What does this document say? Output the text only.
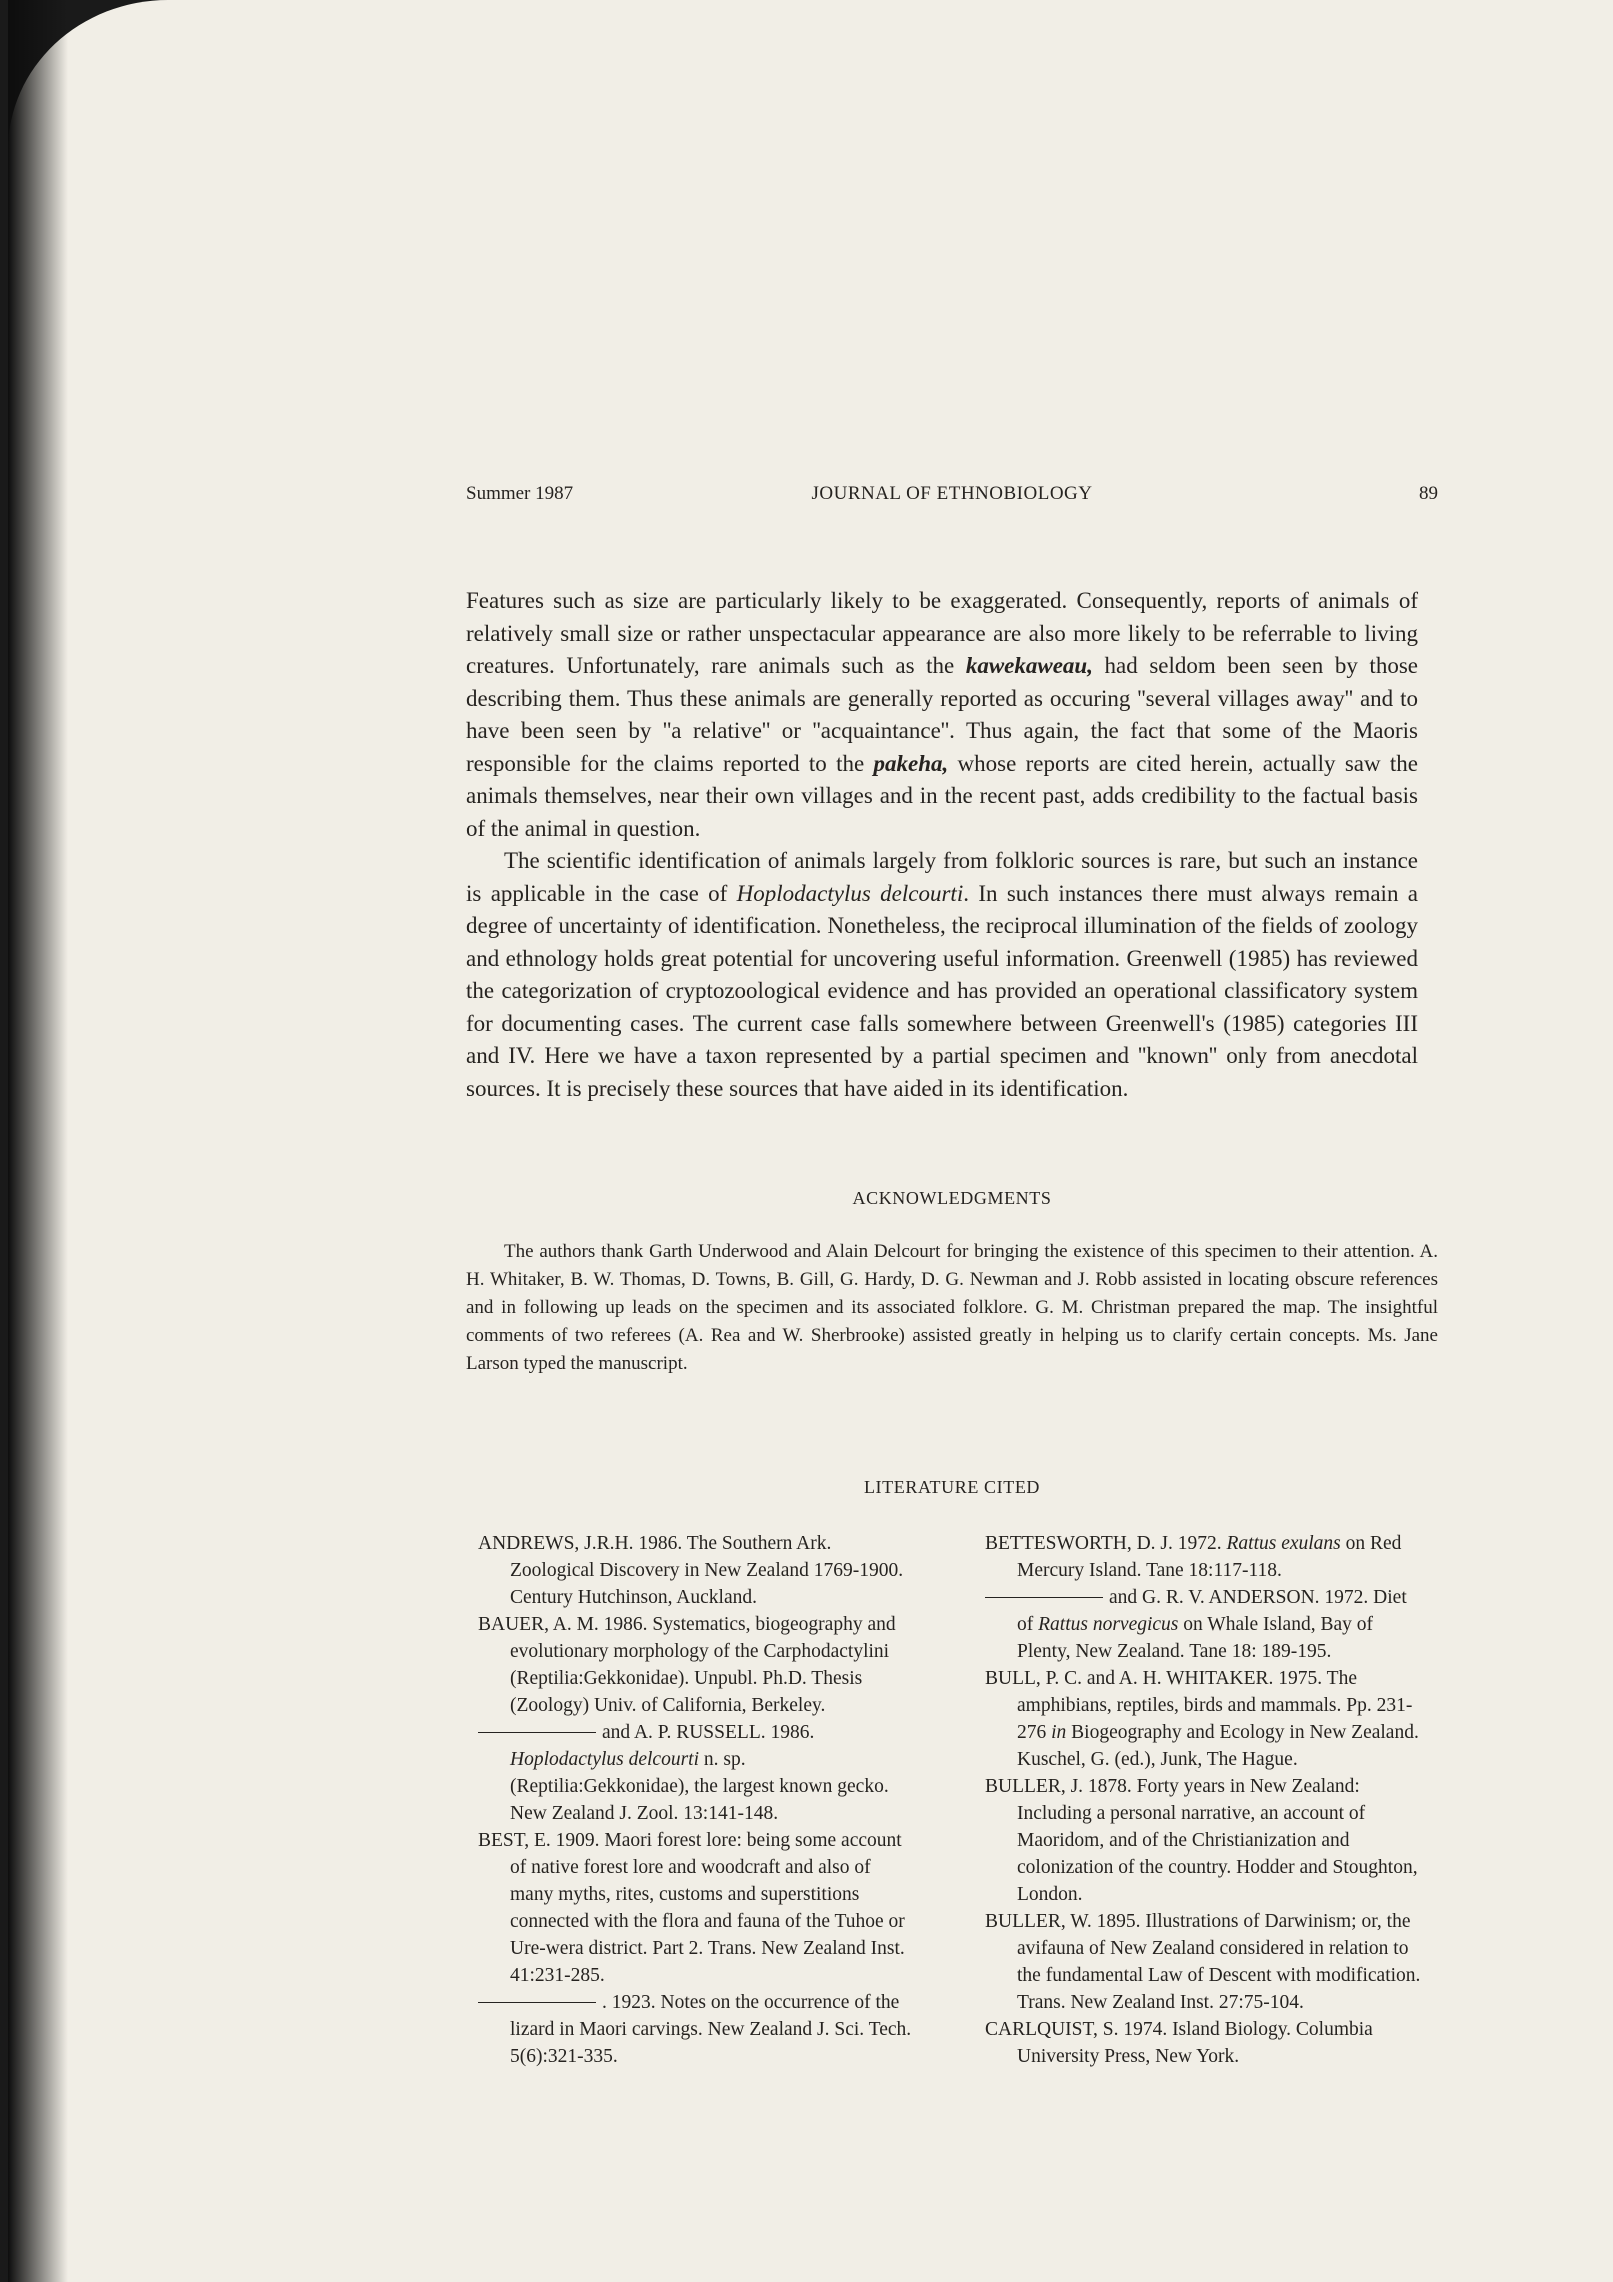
Summer 1987	JOURNAL OF ETHNOBIOLOGY	89

Features such as size are particularly likely to be exaggerated. Consequently, reports of animals of relatively small size or rather unspectacular appearance are also more likely to be referrable to living creatures. Unfortunately, rare animals such as the kawekaweau, had seldom been seen by those describing them. Thus these animals are generally reported as occuring ''several villages away'' and to have been seen by ''a relative'' or ''acquaintance''. Thus again, the fact that some of the Maoris responsible for the claims reported to the pakeha, whose reports are cited herein, actually saw the animals themselves, near their own villages and in the recent past, adds credibility to the factual basis of the animal in question.

The scientific identification of animals largely from folkloric sources is rare, but such an instance is applicable in the case of Hoplodactylus delcourti. In such instances there must always remain a degree of uncertainty of identification. Nonetheless, the reciprocal illumination of the fields of zoology and ethnology holds great potential for uncovering useful information. Greenwell (1985) has reviewed the categorization of cryptozoological evidence and has provided an operational classificatory system for documenting cases. The current case falls somewhere between Greenwell's (1985) categories III and IV. Here we have a taxon represented by a partial specimen and ''known'' only from anecdotal sources. It is precisely these sources that have aided in its identification.

ACKNOWLEDGMENTS
The authors thank Garth Underwood and Alain Delcourt for bringing the existence of this specimen to their attention. A. H. Whitaker, B. W. Thomas, D. Towns, B. Gill, G. Hardy, D. G. Newman and J. Robb assisted in locating obscure references and in following up leads on the specimen and its associated folklore. G. M. Christman prepared the map. The insightful comments of two referees (A. Rea and W. Sherbrooke) assisted greatly in helping us to clarify certain concepts. Ms. Jane Larson typed the manuscript.
LITERATURE CITED
ANDREWS, J.R.H. 1986. The Southern Ark. Zoological Discovery in New Zealand 1769-1900. Century Hutchinson, Auckland.
BAUER, A. M. 1986. Systematics, biogeography and evolutionary morphology of the Carphodactylini (Reptilia:Gekkonidae). Unpubl. Ph.D. Thesis (Zoology) Univ. of California, Berkeley.
and A. P. RUSSELL. 1986. Hoplodactylus delcourti n. sp. (Reptilia:Gekkonidae), the largest known gecko. New Zealand J. Zool. 13:141-148.
BEST, E. 1909. Maori forest lore: being some account of native forest lore and woodcraft and also of many myths, rites, customs and superstitions connected with the flora and fauna of the Tuhoe or Ure-wera district. Part 2. Trans. New Zealand Inst. 41:231-285.
. 1923. Notes on the occurrence of the lizard in Maori carvings. New Zealand J. Sci. Tech. 5(6):321-335.
BETTESWORTH, D. J. 1972. Rattus exulans on Red Mercury Island. Tane 18:117-118.
and G. R. V. ANDERSON. 1972. Diet of Rattus norvegicus on Whale Island, Bay of Plenty, New Zealand. Tane 18: 189-195.
BULL, P. C. and A. H. WHITAKER. 1975. The amphibians, reptiles, birds and mammals. Pp. 231-276 in Biogeography and Ecology in New Zealand. Kuschel, G. (ed.), Junk, The Hague.
BULLER, J. 1878. Forty years in New Zealand: Including a personal narrative, an account of Maoridom, and of the Christianization and colonization of the country. Hodder and Stoughton, London.
BULLER, W. 1895. Illustrations of Darwinism; or, the avifauna of New Zealand considered in relation to the fundamental Law of Descent with modification. Trans. New Zealand Inst. 27:75-104.
CARLQUIST, S. 1974. Island Biology. Columbia University Press, New York.
